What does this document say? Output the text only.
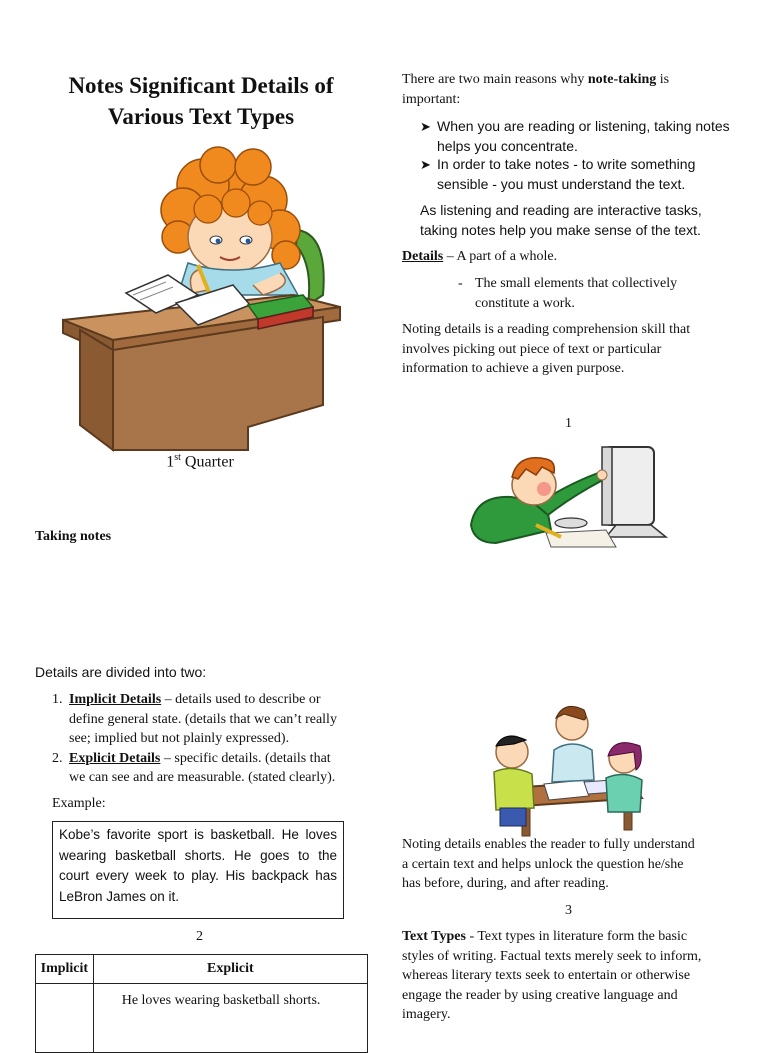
Notes Significant Details of
Various Text Types
1st Quarter
Taking notes
Details are divided into two:
1. Implicit Details – details used to describe or
define general state. (details that we can’t really
see; implied but not plainly expressed).
2. Explicit Details – specific details. (details that
we can see and are measurable. (stated clearly).
Example:
Kobe’s favorite sport is basketball. He loves wearing basketball shorts. He goes to the court every week to play. His backpack has LeBron James on it.
2
Implicit	Explicit
	He loves wearing basketball shorts.
There are two main reasons why note-taking is
important:
➤ When you are reading or listening, taking notes
helps you concentrate.
➤ In order to take notes - to write something
sensible - you must understand the text.
As listening and reading are interactive tasks,
taking notes help you make sense of the text.
Details – A part of a whole.
- The small elements that collectively
constitute a work.
Noting details is a reading comprehension skill that
involves picking out piece of text or particular
information to achieve a given purpose.
1
Noting details enables the reader to fully understand
a certain text and helps unlock the question he/she
has before, during, and after reading.
3
Text Types - Text types in literature form the basic
styles of writing. Factual texts merely seek to inform,
whereas literary texts seek to entertain or otherwise
engage the reader by using creative language and
imagery.
